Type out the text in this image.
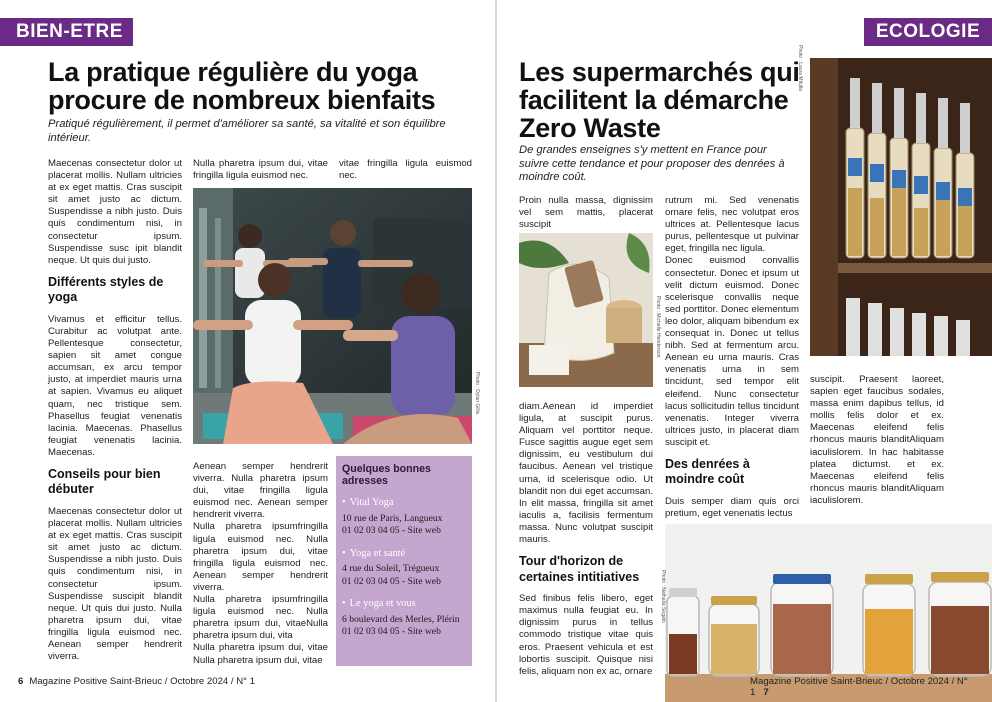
BIEN-ETRE
La pratique régulière du yoga
procure de nombreux bienfaits
Pratiqué régulièrement, il permet d'améliorer sa santé, sa vitalité et son équilibre intérieur.

Maecenas consectetur dolor ut placerat mollis. Nullam ultricies at ex eget mattis. Cras suscipit sit amet justo ac dictum. Suspendisse a nibh justo. Duis quis condimentum nisi, in consectetur ipsum. Suspendisse susc ipit blandit neque. Ut quis dui justo.

Différents styles de yoga

Vivamus et efficitur tellus. Curabitur ac volutpat ante. Pellentesque consectetur, sapien sit amet congue accumsan, ex arcu tempor justo, at imperdiet mauris urna at sapien. Vivamus eu aliquet quam, nec tristique sem. Phasellus feugiat venenatis lacinia. Maecenas. Phasellus feugiat venenatis lacinia. Maecenas.

Conseils pour bien débuter

Maecenas consectetur dolor ut placerat mollis. Nullam ultricies at ex eget mattis. Cras suscipit sit amet justo ac dictum. Suspendisse a nibh justo. Duis quis condimentum nisi, in consectetur ipsum. Suspendisse suscipit blandit neque. Ut quis dui justo. Nulla pharetra ipsum dui, vitae fringilla ligula euismod nec. Aenean semper hendrerit viverra.

Nulla pharetra ipsum dui, vitae fringilla ligula euismod nec.
vitae fringilla ligula euismod nec.
Photo : Dylan Gillis

Aenean semper hendrerit viverra. Nulla pharetra ipsum dui, vitae fringilla ligula euismod nec. Aenean semper hendrerit viverra.

Nulla pharetra ipsumfringilla ligula euismod nec. Nulla pharetra ipsum dui, vitae fringilla ligula euismod nec. Aenean semper hendrerit viverra.

Nulla pharetra ipsumfringilla ligula euismod nec. Nulla pharetra ipsum dui, vitaeNulla pharetra ipsum dui, vita

Nulla pharetra ipsum dui, vitae Nulla pharetra ipsum dui, vitae

Quelques bonnes adresses
• Vital Yoga
10 rue de Paris, Langueux
01 02 03 04 05 - Site web
• Yoga et santé
4 rue du Soleil, Trégueux
01 02 03 04 05 - Site web
• Le yoga et vous
6 boulevard des Merles, Plérin
01 02 03 04 05 - Site web
6 Magazine Positive Saint-Brieuc / Octobre 2024 / N° 1
ECOLOGIE
Les supermarchés qui
facilitent la démarche
Zero Waste
De grandes enseignes s'y mettent en France pour suivre cette tendance et pour proposer des denrées à moindre coût.
Photo : Laura Mitulla
Proin nulla massa, dignissim vel sem mattis, placerat suscipit
Photo : Michelle Henderson

diam.Aenean id imperdiet ligula, at suscipit purus. Aliquam vel porttitor neque. Fusce sagittis augue eget sem dignissim, eu vestibulum dui faucibus. Aenean vel tristique urna, id scelerisque odio. Ut blandit non dui eget accumsan. In elit massa, fringilla sit amet iaculis a, facilisis fermentum massa. Nunc volutpat suscipit mauris.

Tour d'horizon de certaines intitiatives

Sed finibus felis libero, eget maximus nulla feugiat eu. In dignissim purus in tellus commodo tristique vitae quis eros. Praesent vehicula et est lobortis suscipit. Quisque nisi felis, aliquam non ex ac, ornare

rutrum mi. Sed venenatis ornare felis, nec volutpat eros ultrices at. Pellentesque lacus purus, pellentesque ut pulvinar eget, fringilla nec ligula.

Donec euismod convallis consectetur. Donec et ipsum ut velit dictum euismod. Donec scelerisque convallis neque sed porttitor. Donec elementum leo dolor, aliquam bibendum ex consequat in. Donec ut tellus nibh. Sed at fermentum arcu. Aenean eu urna mauris. Cras venenatis urna in sem tincidunt, sed tempor elit eleifend. Nunc consectetur lacus sollicitudin tellus tincidunt venenatis. Integer viverra ultrices justo, in placerat diam suscipit et.

Des denrées à moindre coût

Duis semper diam quis orci pretium, eget venenatis lectus

suscipit. Praesent laoreet, sapien eget faucibus sodales, massa enim dapibus tellus, id mollis felis dolor et ex. Maecenas eleifend felis rhoncus mauris blanditAliquam iaculislorem. In hac habitasse platea dictumst. et ex. Maecenas eleifend felis rhoncus mauris blanditAliquam iaculislorem.
Photo : Nathalia Segato
Magazine Positive Saint-Brieuc / Octobre 2024 / N° 1 7
